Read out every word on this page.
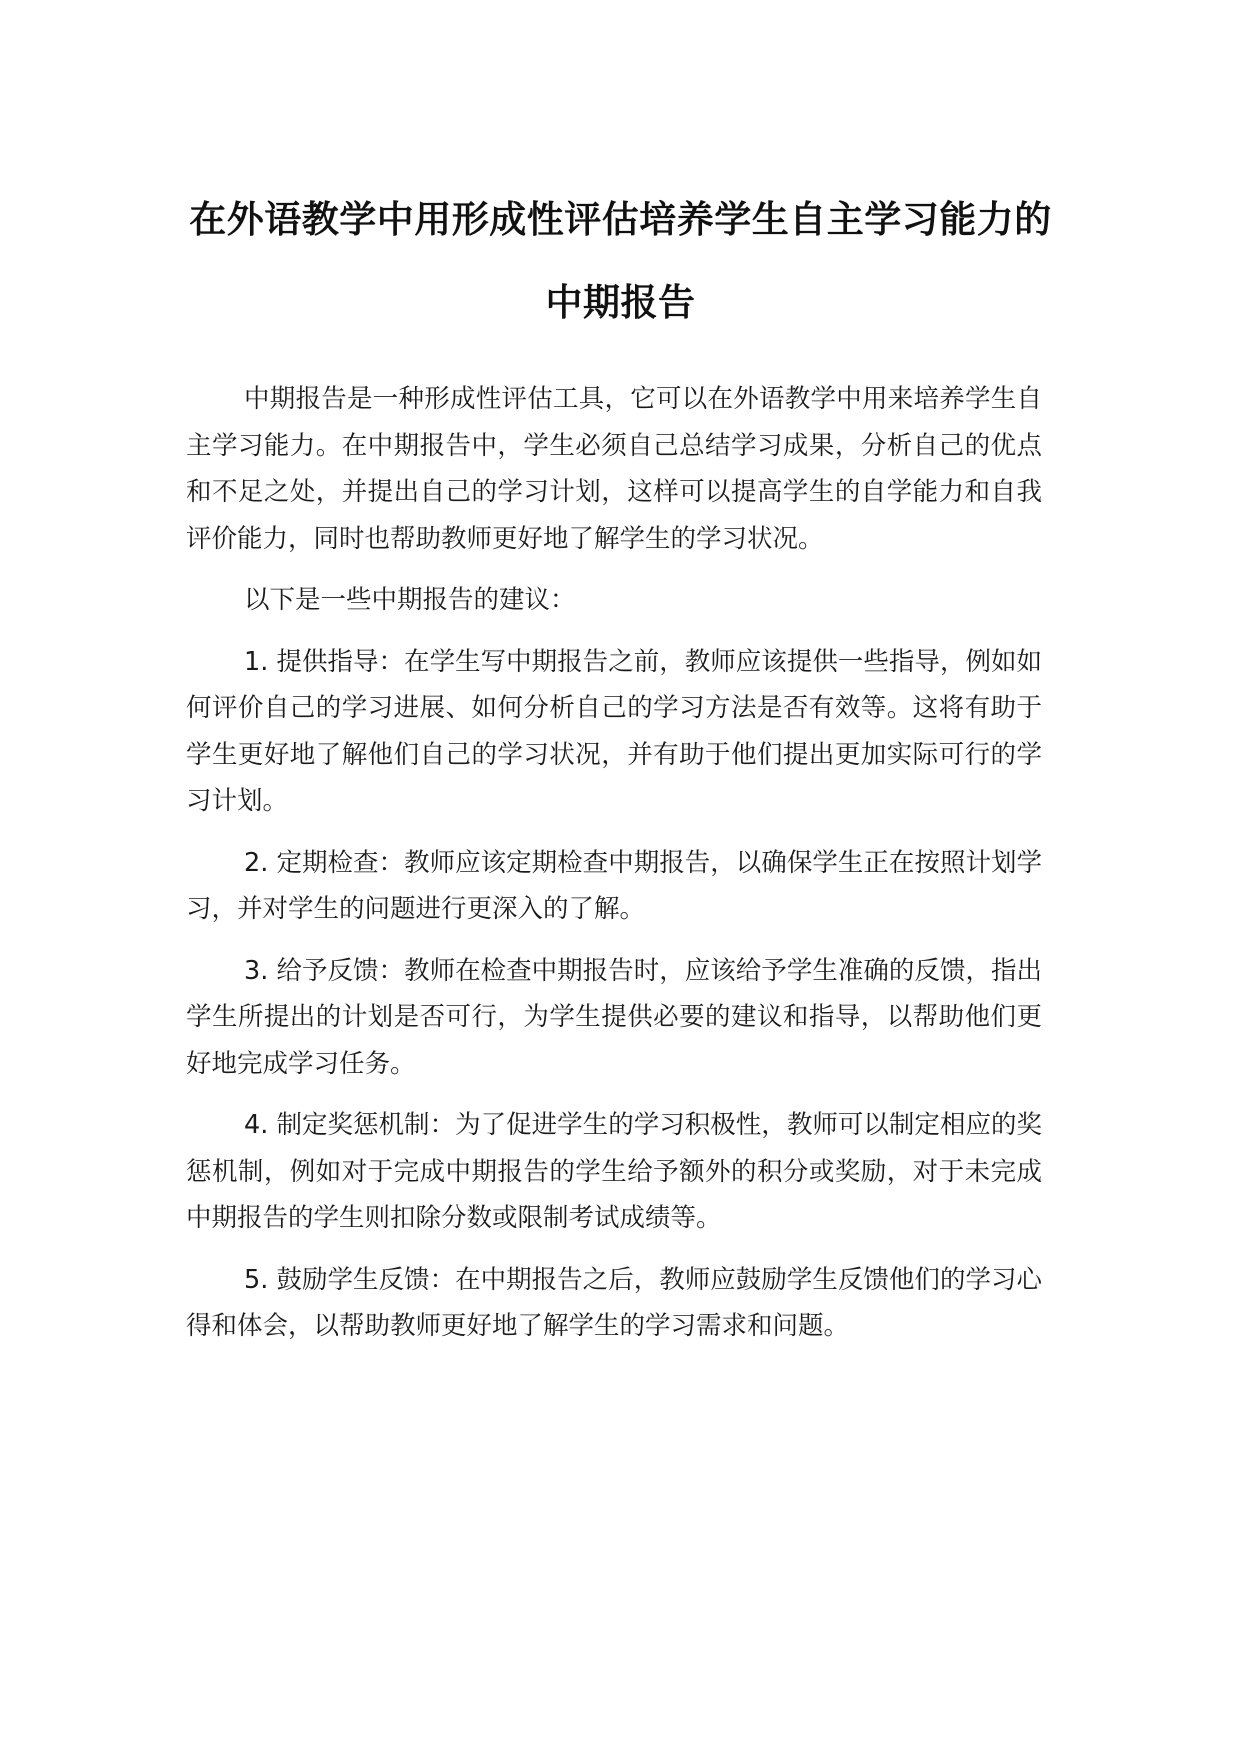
在外语教学中用形成性评估培养学生自主学习能力的中期报告

中期报告是一种形成性评估工具，它可以在外语教学中用来培养学生自主学习能力。在中期报告中，学生必须自己总结学习成果，分析自己的优点和不足之处，并提出自己的学习计划，这样可以提高学生的自学能力和自我评价能力，同时也帮助教师更好地了解学生的学习状况。

以下是一些中期报告的建议：

1. 提供指导：在学生写中期报告之前，教师应该提供一些指导，例如如何评价自己的学习进展、如何分析自己的学习方法是否有效等。这将有助于学生更好地了解他们自己的学习状况，并有助于他们提出更加实际可行的学习计划。

2. 定期检查：教师应该定期检查中期报告，以确保学生正在按照计划学习，并对学生的问题进行更深入的了解。

3. 给予反馈：教师在检查中期报告时，应该给予学生准确的反馈，指出学生所提出的计划是否可行，为学生提供必要的建议和指导，以帮助他们更好地完成学习任务。

4. 制定奖惩机制：为了促进学生的学习积极性，教师可以制定相应的奖惩机制，例如对于完成中期报告的学生给予额外的积分或奖励，对于未完成中期报告的学生则扣除分数或限制考试成绩等。

5. 鼓励学生反馈：在中期报告之后，教师应鼓励学生反馈他们的学习心得和体会，以帮助教师更好地了解学生的学习需求和问题。
